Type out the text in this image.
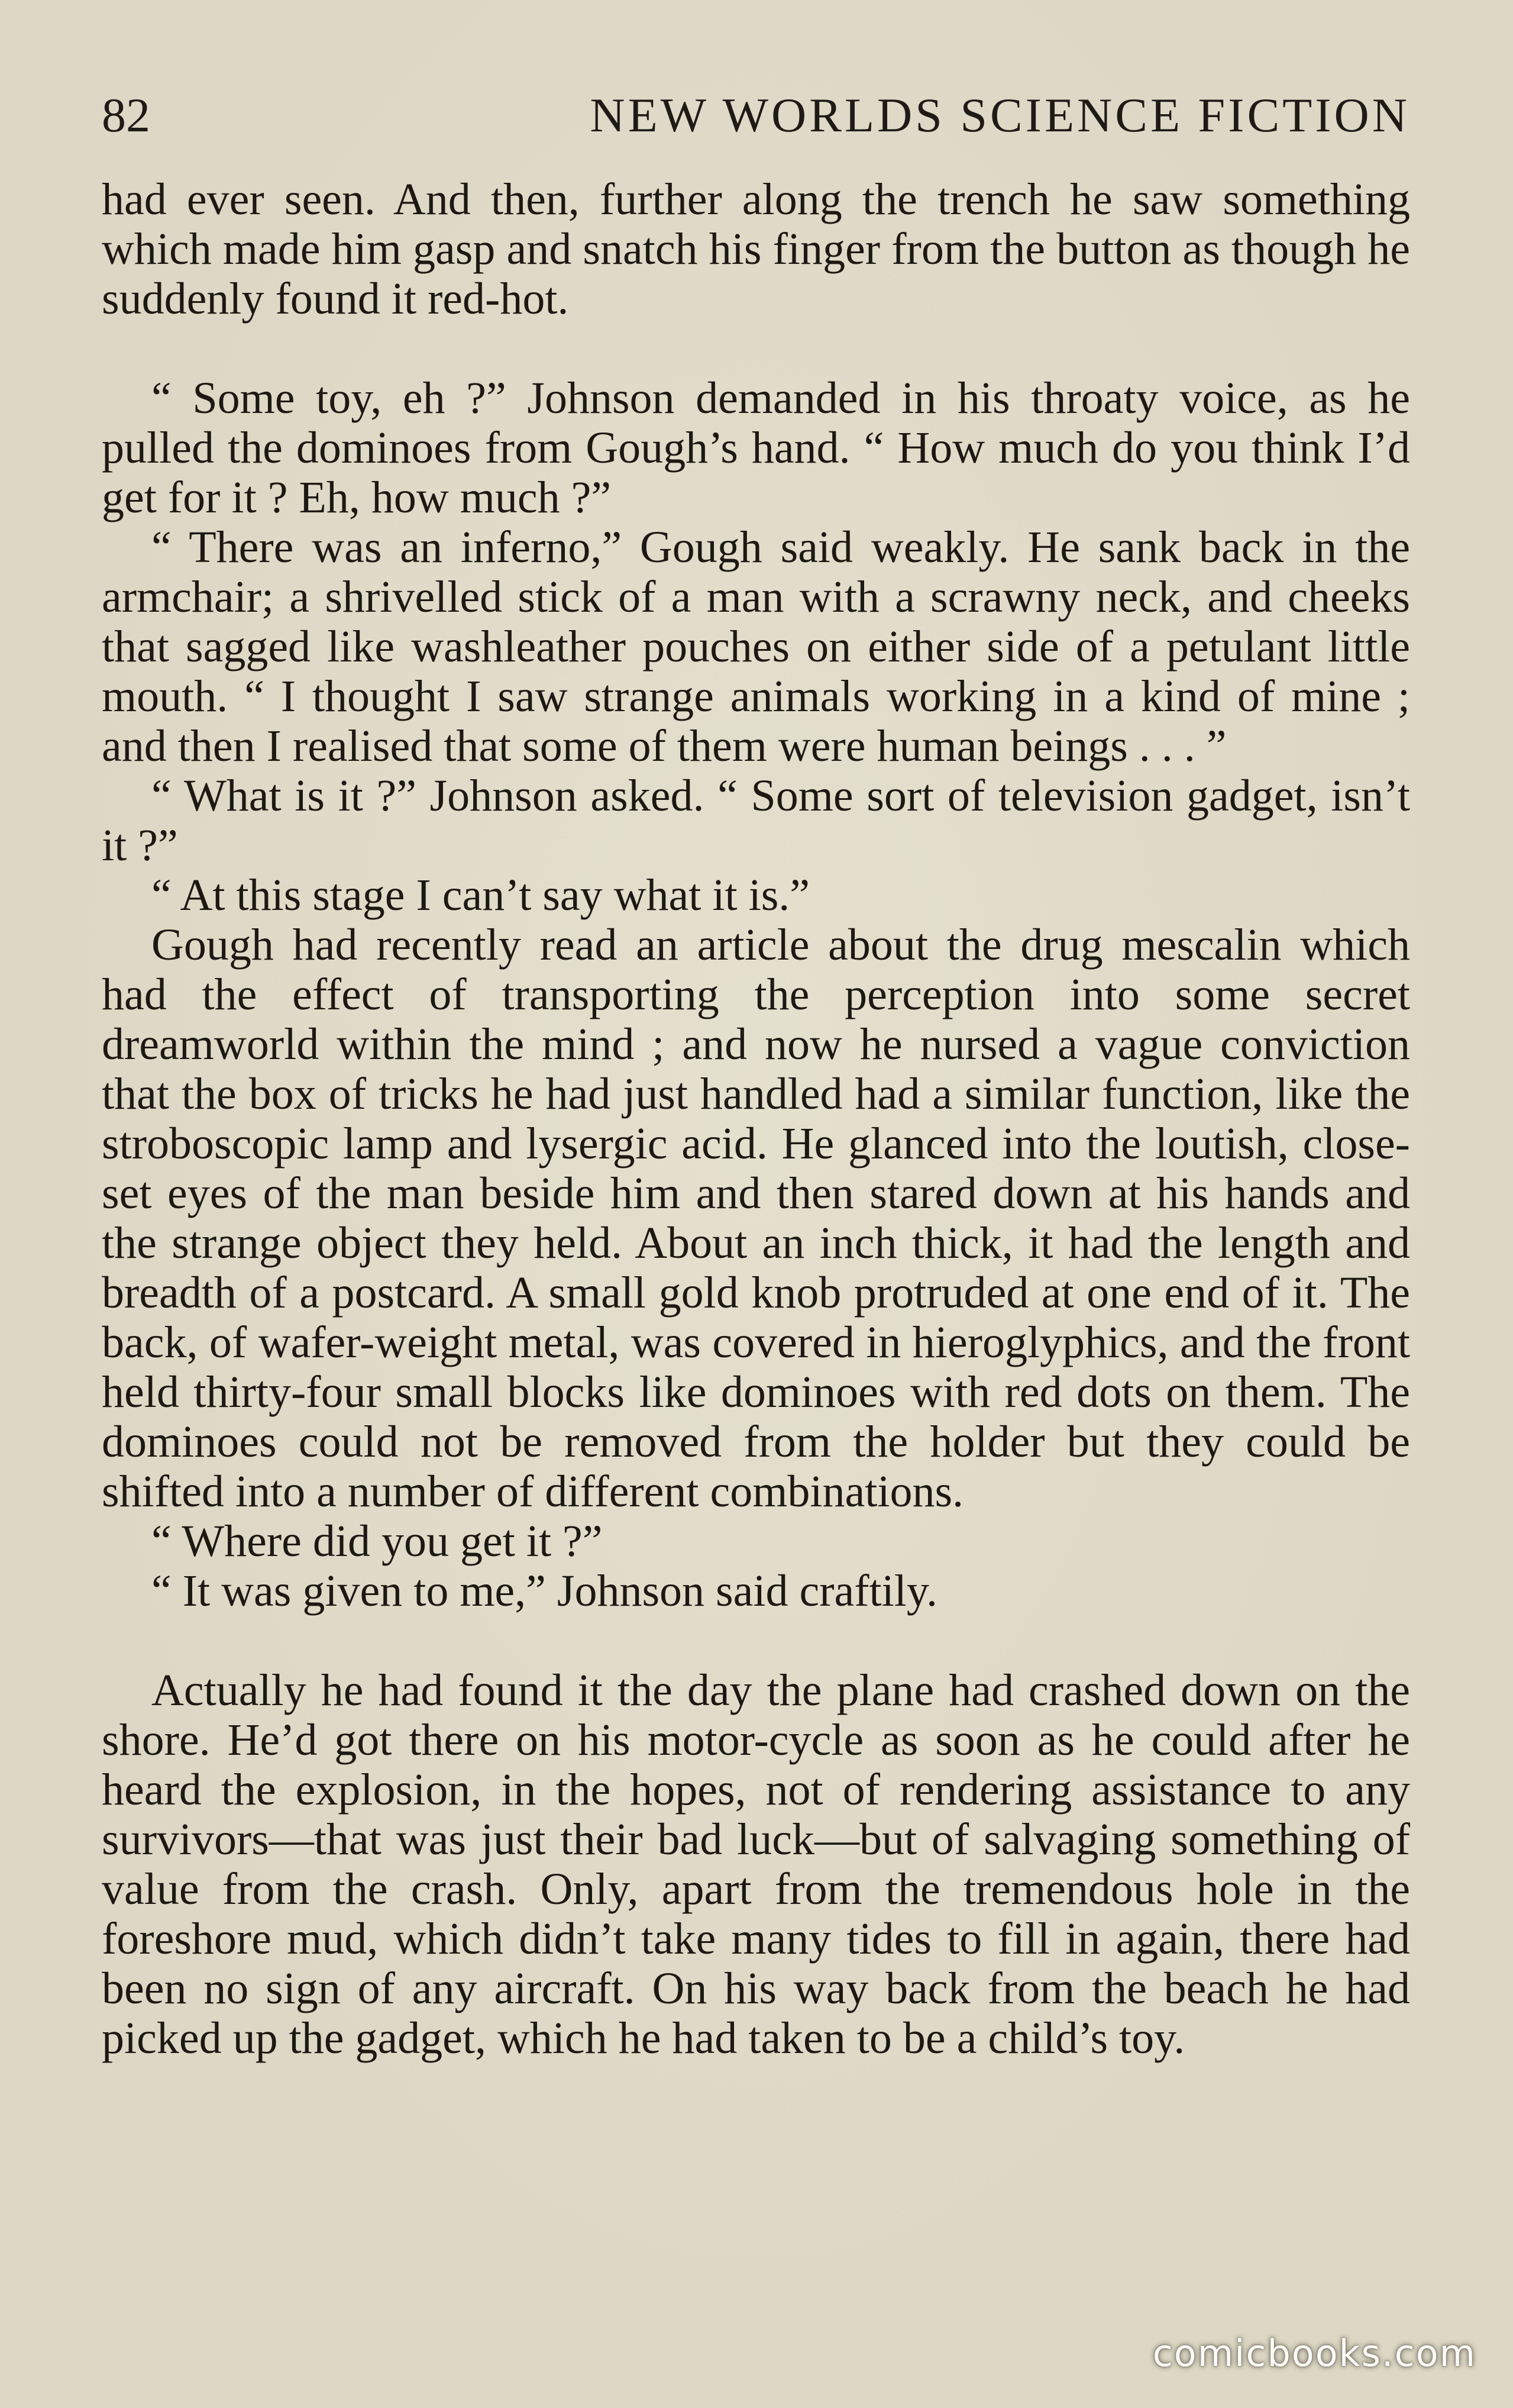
82	NEW WORLDS SCIENCE FICTION

had ever seen. And then, further along the trench he saw something which made him gasp and snatch his finger from the button as though he suddenly found it red-hot.

“ Some toy, eh ?” Johnson demanded in his throaty voice, as he pulled the dominoes from Gough’s hand. “ How much do you think I’d get for it ? Eh, how much ?”

“ There was an inferno,” Gough said weakly. He sank back in the armchair; a shrivelled stick of a man with a scrawny neck, and cheeks that sagged like washleather pouches on either side of a petulant little mouth. “ I thought I saw strange animals working in a kind of mine ; and then I realised that some of them were human beings . . . ”

“ What is it ?” Johnson asked. “ Some sort of television gadget, isn’t it ?”

“ At this stage I can’t say what it is.”

Gough had recently read an article about the drug mescalin which had the effect of transporting the perception into some secret dreamworld within the mind ; and now he nursed a vague conviction that the box of tricks he had just handled had a similar function, like the stroboscopic lamp and lysergic acid. He glanced into the loutish, close-set eyes of the man beside him and then stared down at his hands and the strange object they held. About an inch thick, it had the length and breadth of a postcard. A small gold knob protruded at one end of it. The back, of wafer-weight metal, was covered in hieroglyphics, and the front held thirty-four small blocks like dominoes with red dots on them. The dominoes could not be removed from the holder but they could be shifted into a number of different combinations.

“ Where did you get it ?”

“ It was given to me,” Johnson said craftily.

Actually he had found it the day the plane had crashed down on the shore. He’d got there on his motor-cycle as soon as he could after he heard the explosion, in the hopes, not of rendering assistance to any survivors—that was just their bad luck—but of salvaging something of value from the crash. Only, apart from the tremendous hole in the foreshore mud, which didn’t take many tides to fill in again, there had been no sign of any aircraft. On his way back from the beach he had picked up the gadget, which he had taken to be a child’s toy.

comicbooks.com
